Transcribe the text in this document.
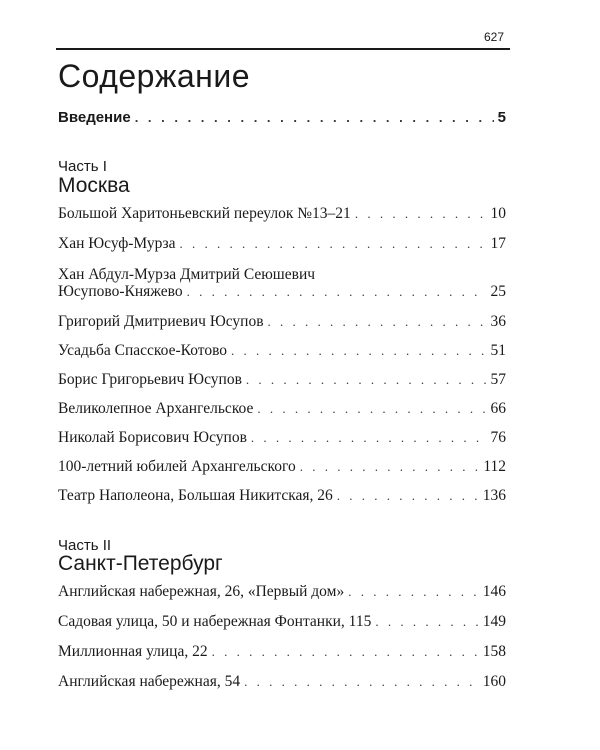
627
Содержание
Введение . . .	5

Часть I

Москва
Большой Харитоньевский переулок №13–21 . . .	10
Хан Юсуф-Мурза . . .	17
Хан Абдул-Мурза Дмитрий Сеюшевич
Юсупово-Княжево . . .	25
Григорий Дмитриевич Юсупов . . .	36
Усадьба Спасское-Котово . . .	51
Борис Григорьевич Юсупов . . .	57
Великолепное Архангельское . . .	66
Николай Борисович Юсупов . . .	76
100-летний юбилей Архангельского . . .	112
Театр Наполеона, Большая Никитская, 26 . . .	136

Часть II

Санкт-Петербург
Английская набережная, 26, «Первый дом» . . .	146
Садовая улица, 50 и набережная Фонтанки, 115 . . .	149
Миллионная улица, 22 . . .	158
Английская набережная, 54 . . .	160
